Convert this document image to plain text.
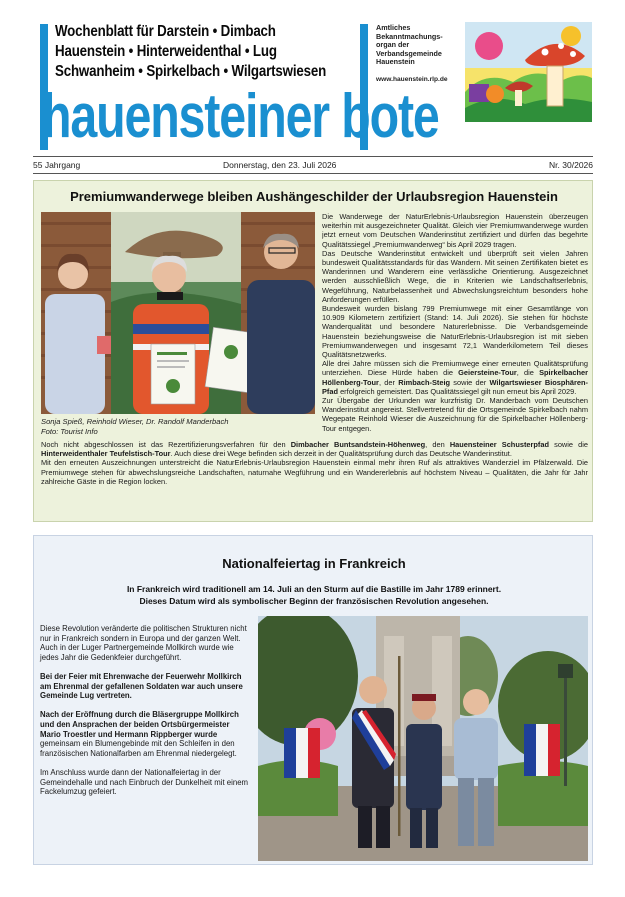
Wochenblatt für Darstein • Dimbach
Hauenstein • Hinterweidenthal • Lug
Schwanheim • Spirkelbach • Wilgartswiesen
Amtliches
Bekanntmachungs-
organ der
Verbandsgemeinde
Hauenstein
www.hauenstein.rlp.de
hauensteiner bote
55 Jahrgang	Donnerstag, den 23. Juli 2026	Nr. 30/2026
Premiumwanderwege bleiben Aushängeschilder der Urlaubsregion Hauenstein
Sonja Spieß, Reinhold Wieser, Dr. Randolf Manderbach
Foto: Tourist Info

Die Wanderwege der NaturErlebnis-Urlaubsregion Hauenstein überzeugen weiterhin mit ausgezeichneter Qualität. Gleich vier Premiumwanderwege wurden jetzt erneut vom Deutschen Wanderinstitut zertifiziert und dürfen das begehrte Qualitätssiegel „Premiumwanderweg“ bis April 2029 tragen.

Das Deutsche Wanderinstitut entwickelt und überprüft seit vielen Jahren bundesweit Qualitätsstandards für das Wandern. Mit seinen Zertifikaten bietet es Wanderinnen und Wanderern eine verlässliche Orientierung. Ausgezeichnet werden ausschließlich Wege, die in Kriterien wie Landschaftserlebnis, Wegeführung, Naturbelassenheit und Abwechslungsreichtum besonders hohe Anforderungen erfüllen.

Bundesweit wurden bislang 799 Premiumwege mit einer Gesamtlänge von 10.909 Kilometern zertifiziert (Stand: 14. Juli 2026). Sie stehen für höchste Wanderqualität und besondere Naturerlebnisse. Die Verbandsgemeinde Hauenstein beziehungsweise die NaturErlebnis-Urlaubsregion ist mit sieben Premiumwanderwegen und insgesamt 72,1 Wanderkilometern Teil dieses Qualitätsnetzwerks.

Alle drei Jahre müssen sich die Premiumwege einer erneuten Qualitätsprüfung unterziehen. Diese Hürde haben die Geiersteine-Tour, die Spirkelbacher Höllenberg-Tour, der Rimbach-Steig sowie der Wilgartswieser Biosphären-Pfad erfolgreich gemeistert. Das Qualitätssiegel gilt nun erneut bis April 2029.

Zur Übergabe der Urkunden war kurzfristig Dr. Manderbach vom Deutschen Wanderinstitut angereist. Stellvertretend für die Ortsgemeinde Spirkelbach nahm Wegepate Reinhold Wieser die Auszeichnung für die Spirkelbacher Höllenberg-Tour entgegen.

Noch nicht abgeschlossen ist das Rezertifizierungsverfahren für den Dimbacher Buntsandstein-Höhenweg, den Hauensteiner Schusterpfad sowie die Hinterweidenthaler Teufelstisch-Tour. Auch diese drei Wege befinden sich derzeit in der Qualitätsprüfung durch das Deutsche Wanderinstitut.

Mit den erneuten Auszeichnungen unterstreicht die NaturErlebnis-Urlaubsregion Hauenstein einmal mehr ihren Ruf als attraktives Wanderziel im Pfälzerwald. Die Premiumwege stehen für abwechslungsreiche Landschaften, naturnahe Wegführung und ein Wandererlebnis auf höchstem Niveau – Qualitäten, die Jahr für Jahr zahlreiche Gäste in die Region locken.

Nationalfeiertag in Frankreich
In Frankreich wird traditionell am 14. Juli an den Sturm auf die Bastille im Jahr 1789 erinnert.
Dieses Datum wird als symbolischer Beginn der französischen Revolution angesehen.

Diese Revolution veränderte die politischen Strukturen nicht nur in Frankreich sondern in Europa und der ganzen Welt.
Auch in der Luger Partnergemeinde Mollkirch wurde wie jedes Jahr die Gedenkfeier durchgeführt.

Bei der Feier mit Ehrenwache der Feuerwehr Mollkirch am Ehrenmal der gefallenen Soldaten war auch unsere Gemeinde Lug vertreten.

Nach der Eröffnung durch die Bläsergruppe Mollkirch und den Ansprachen der beiden Ortsbürgermeister Mario Troestler und Hermann Rippberger wurde gemeinsam ein Blumengebinde mit den Schleifen in den französischen Nationalfarben am Ehrenmal niedergelegt.

Im Anschluss wurde dann der Nationalfeiertag in der Gemeindehalle und nach Einbruch der Dunkelheit mit einem Fackelumzug gefeiert.
